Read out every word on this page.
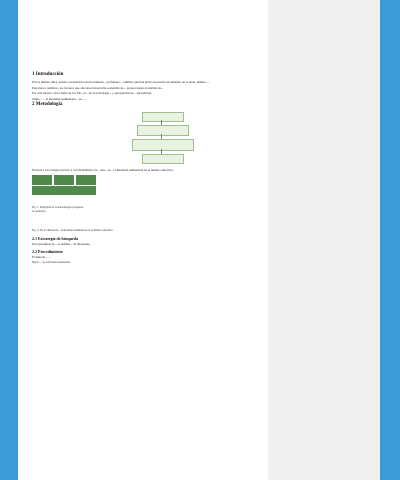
1 Introducción

En los últimos años, nuestra sociedad ha estado inmersa... profundos... cambios que han hecho necesario un aumento en el nivel, ámbito, ...

Este marco analítico, los factores que afectan el desarrollo sostenible de... proporcionan el análisis de...

Por este motivo, en la Tabla de los TIC, el... de la tecnología... y apropiación de... aprendizaje.

Tomo... ... la Realidad Aumentada... se... ...

2 Metodología

En base a los trabajos previos y con fundamento de... del... se... la Realidad Aumentada en el ámbito educativo.

Fig. 1. Diagrama de la metodología propuesta.
de resultados
Fig. 2. En la alineación... la Realidad Aumentada en el ámbito educativo.
2.1 Estrategia de búsqueda

Para garantizar la... se definió... de búsqueda...

2.2 Procedimiento

El método... ...

Figura: ... de la Realidad Aumentada.
